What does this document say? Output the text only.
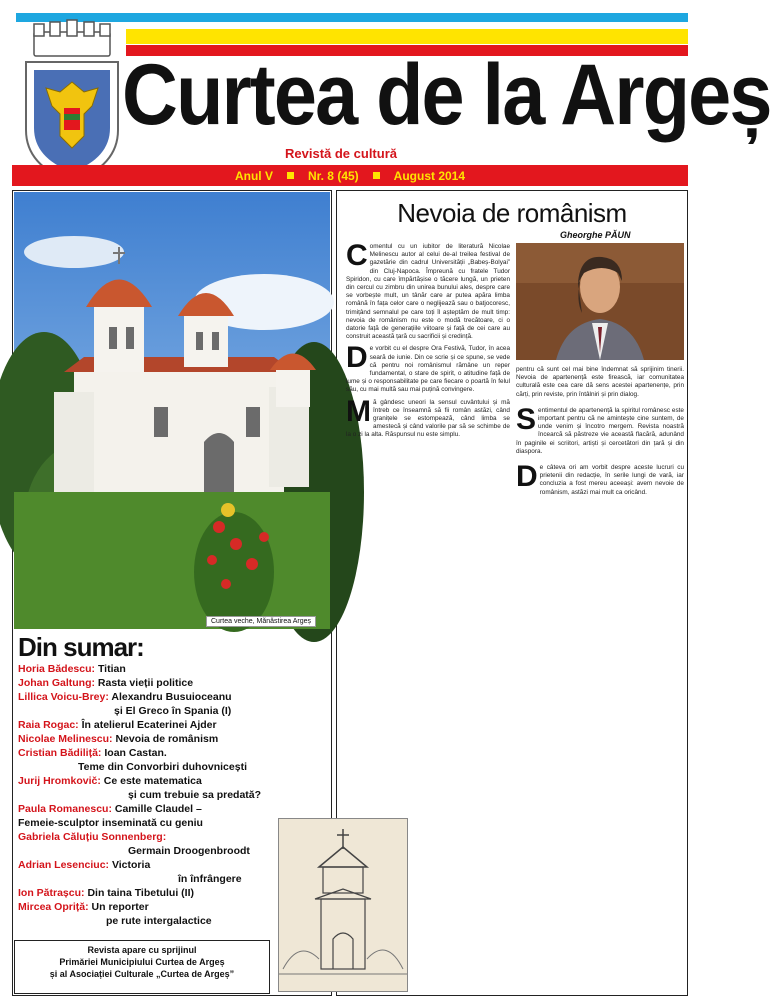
Curtea de la Argeș
Revistă de cultură
Anul V	Nr. 8 (45)	August 2014
Curtea veche, Mănăstirea Argeș
Din sumar:
Horia Bădescu: Titian
Johan Galtung: Rasta vieții politice
Lillica Voicu-Brey: Alexandru Busuioceanu
și El Greco în Spania (I)
Raia Rogac: În atelierul Ecaterinei Ajder
Nicolae Melinescu: Nevoia de românism
Cristian Bădiliță: Ioan Castan.
Teme din Convorbiri duhovnicești
Jurij Hromkovič: Ce este matematica
și cum trebuie sa predată?
Paula Romanescu: Camille Claudel –
Femeie-sculptor inseminată cu geniu
Gabriela Căluțiu Sonnenberg:
Germain Droogenbroodt
Adrian Lesenciuc: Victoria
în înfrângere
Ion Pătrașcu: Din taina Tibetului (II)
Mircea Opriță: Un reporter
pe rute intergalactice
Revista apare cu sprijinul
Primăriei Municipiului Curtea de Argeș
și al Asociației Culturale „Curtea de Argeș”
Nevoia de românism
Gheorghe PĂUN

Comentul cu un iubitor de literatură Nicolae Melinescu autor al celui de-al treilea festival de gazetărie din cadrul Universității „Babeș-Bolyai” din Cluj-Napoca. Împreună cu fratele Tudor Spiridon, cu care împărtășise o tăcere lungă, un prieten din cercul cu zimbru din unirea bunului ales, despre care se vorbește mult, un tânăr care ar putea apăra limba română în fața celor care o neglijează sau o batjocoresc, trimițând semnalul pe care toți îl așteptăm de mult timp: nevoia de românism nu este o modă trecătoare, ci o datorie față de generațiile viitoare și față de cei care au construit această țară cu sacrificii și credință.

De vorbit cu el despre Ora Festivă, Tudor, în acea seară de iunie. Din ce scrie și ce spune, se vede că pentru noi românismul rămâne un reper fundamental, o stare de spirit, o atitudine față de lume și o responsabilitate pe care fiecare o poartă în felul său, cu mai multă sau mai puțină convingere.

Mă gândesc uneori la sensul cuvântului și mă întreb ce înseamnă să fii român astăzi, când granițele se estompează, când limba se amestecă și când valorile par să se schimbe de la o zi la alta. Răspunsul nu este simplu.

pentru că sunt cel mai bine îndemnat să sprijinim tinerii. Nevoia de apartenență este firească, iar comunitatea culturală este cea care dă sens acestei apartenențe, prin cărți, prin reviste, prin întâlniri și prin dialog.

Sentimentul de apartenență la spiritul românesc este important pentru că ne amintește cine suntem, de unde venim și încotro mergem. Revista noastră încearcă să păstreze vie această flacără, adunând în paginile ei scriitori, artiști și cercetători din țară și din diaspora.

De câteva ori am vorbit despre aceste lucruri cu prietenii din redacție, în serile lungi de vară, iar concluzia a fost mereu aceeași: avem nevoie de românism, astăzi mai mult ca oricând.
